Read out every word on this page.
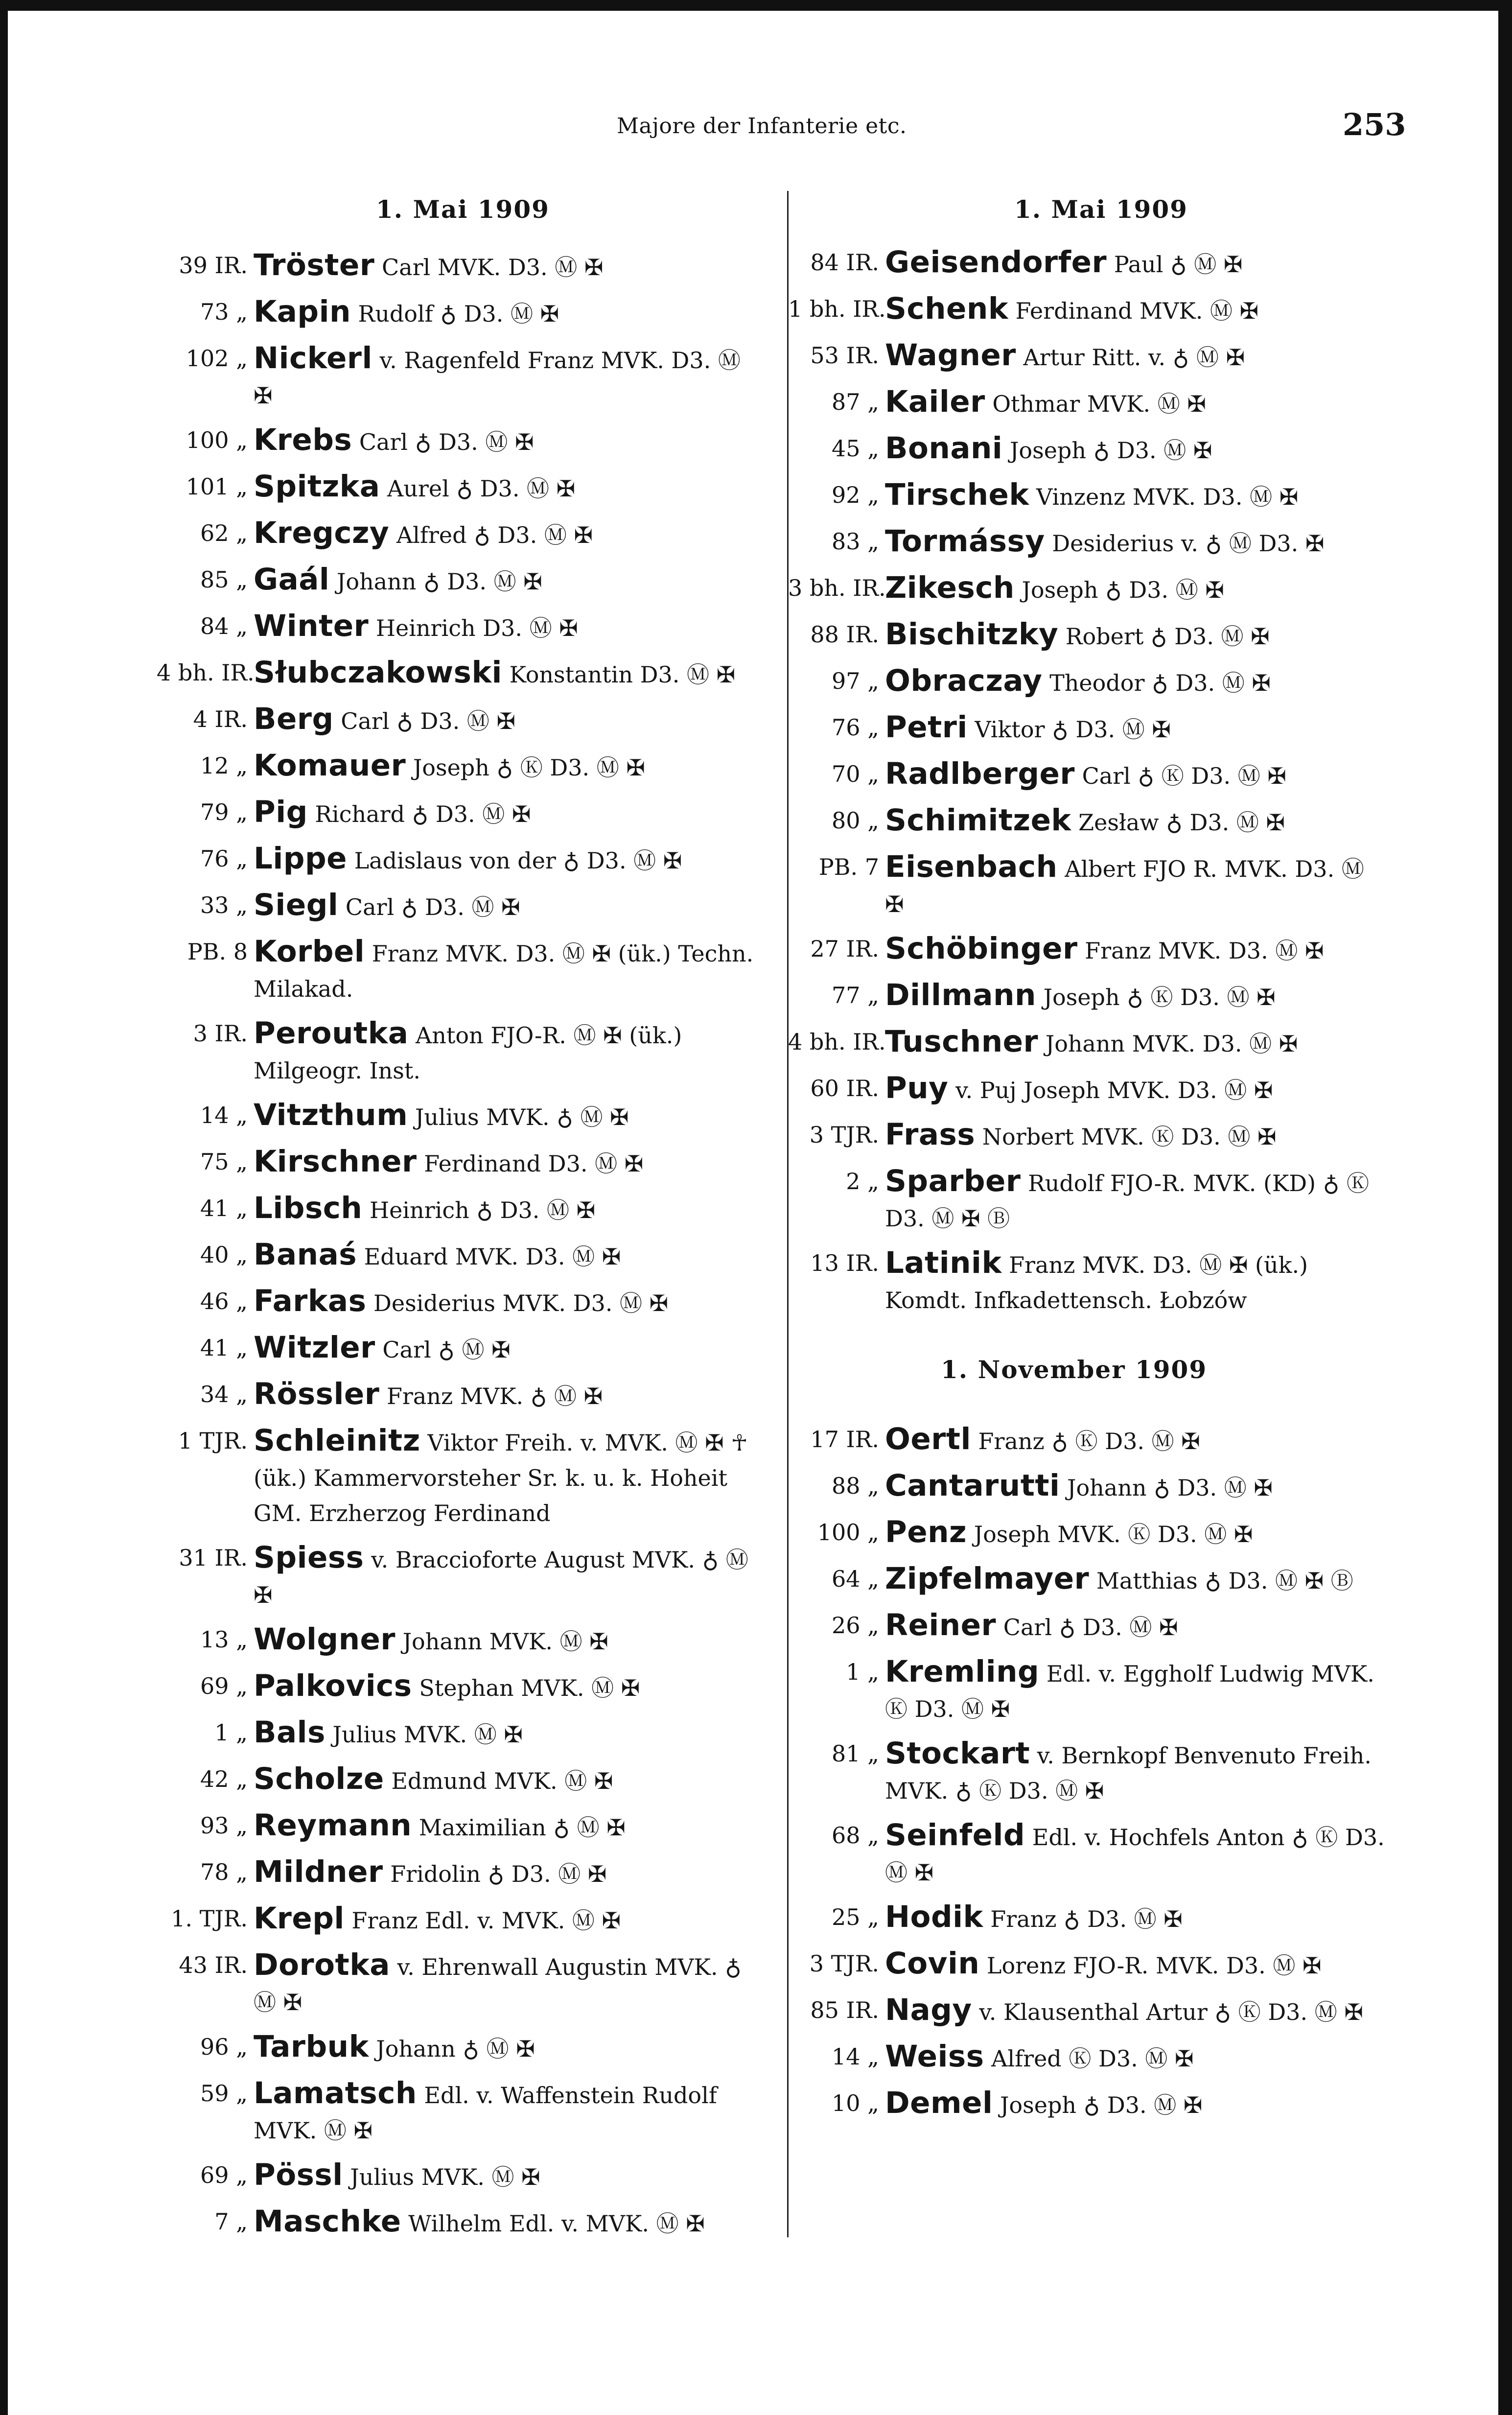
Majore der Infanterie etc.	253
1. Mai 1909	1. Mai 1909
39 IR. Tröster Carl MVK. D3. Ⓜ ✠
73 „ Kapin Rudolf ♁ D3. Ⓜ ✠
102 „ Nickerl v. Ragenfeld Franz MVK. D3. Ⓜ ✠
100 „ Krebs Carl ♁ D3. Ⓜ ✠
101 „ Spitzka Aurel ♁ D3. Ⓜ ✠
62 „ Kregczy Alfred ♁ D3. Ⓜ ✠
85 „ Gaál Johann ♁ D3. Ⓜ ✠
84 „ Winter Heinrich D3. Ⓜ ✠
4 bh. IR.
Słubczakowski Konstantin D3. Ⓜ ✠
4 IR. Berg Carl ♁ D3. Ⓜ ✠
12 „ Komauer Joseph ♁ Ⓚ D3. Ⓜ ✠
79 „ Pig Richard ♁ D3. Ⓜ ✠
76 „ Lippe Ladislaus von der ♁ D3. Ⓜ ✠
33 „ Siegl Carl ♁ D3. Ⓜ ✠
PB. 8 Korbel Franz MVK. D3. Ⓜ ✠ (ük.) Techn. Milakad.
3 IR. Peroutka Anton FJO-R. Ⓜ ✠ (ük.) Milgeogr. Inst.
14 „ Vitzthum Julius MVK. ♁ Ⓜ ✠
75 „ Kirschner Ferdinand D3. Ⓜ ✠
41 „ Libsch Heinrich ♁ D3. Ⓜ ✠
40 „ Banaś Eduard MVK. D3. Ⓜ ✠
46 „ Farkas Desiderius MVK. D3. Ⓜ ✠
41 „ Witzler Carl ♁ Ⓜ ✠
34 „ Rössler Franz MVK. ♁ Ⓜ ✠
1 TJR. Schleinitz Viktor Freih. v. MVK. Ⓜ ✠ ☥ (ük.) Kammervorsteher Sr. k. u. k. Hoheit GM. Erzherzog Ferdinand
31 IR. Spiess v. Braccioforte August MVK. ♁ Ⓜ ✠
13 „ Wolgner Johann MVK. Ⓜ ✠
69 „ Palkovics Stephan MVK. Ⓜ ✠
1 „ Bals Julius MVK. Ⓜ ✠
42 „ Scholze Edmund MVK. Ⓜ ✠
93 „ Reymann Maximilian ♁ Ⓜ ✠
78 „ Mildner Fridolin ♁ D3. Ⓜ ✠
1. TJR. Krepl Franz Edl. v. MVK. Ⓜ ✠
43 IR. Dorotka v. Ehrenwall Augustin MVK. ♁ Ⓜ ✠
96 „ Tarbuk Johann ♁ Ⓜ ✠
59 „ Lamatsch Edl. v. Waffenstein Rudolf MVK. Ⓜ ✠
69 „ Pössl Julius MVK. Ⓜ ✠
7 „ Maschke Wilhelm Edl. v. MVK. Ⓜ ✠
84 IR. Geisendorfer Paul ♁ Ⓜ ✠
1 bh. IR.
Schenk Ferdinand MVK. Ⓜ ✠
53 IR. Wagner Artur Ritt. v. ♁ Ⓜ ✠
87 „ Kailer Othmar MVK. Ⓜ ✠
45 „ Bonani Joseph ♁ D3. Ⓜ ✠
92 „ Tirschek Vinzenz MVK. D3. Ⓜ ✠
83 „ Tormássy Desiderius v. ♁ Ⓜ D3. ✠
3 bh. IR.
Zikesch Joseph ♁ D3. Ⓜ ✠
88 IR. Bischitzky Robert ♁ D3. Ⓜ ✠
97 „ Obraczay Theodor ♁ D3. Ⓜ ✠
76 „ Petri Viktor ♁ D3. Ⓜ ✠
70 „ Radlberger Carl ♁ Ⓚ D3. Ⓜ ✠
80 „ Schimitzek Zesław ♁ D3. Ⓜ ✠
PB. 7 Eisenbach Albert FJO R. MVK. D3. Ⓜ ✠
27 IR. Schöbinger Franz MVK. D3. Ⓜ ✠
77 „ Dillmann Joseph ♁ Ⓚ D3. Ⓜ ✠
4 bh. IR.
Tuschner Johann MVK. D3. Ⓜ ✠
60 IR. Puy v. Puj Joseph MVK. D3. Ⓜ ✠
3 TJR. Frass Norbert MVK. Ⓚ D3. Ⓜ ✠
2 „ Sparber Rudolf FJO-R. MVK. (KD) ♁ Ⓚ D3. Ⓜ ✠ Ⓑ
13 IR. Latinik Franz MVK. D3. Ⓜ ✠ (ük.) Komdt. Infkadettensch. Łobzów
1. November 1909
17 IR. Oertl Franz ♁ Ⓚ D3. Ⓜ ✠
88 „ Cantarutti Johann ♁ D3. Ⓜ ✠
100 „ Penz Joseph MVK. Ⓚ D3. Ⓜ ✠
64 „ Zipfelmayer Matthias ♁ D3. Ⓜ ✠ Ⓑ
26 „ Reiner Carl ♁ D3. Ⓜ ✠
1 „ Kremling Edl. v. Eggholf Ludwig MVK. Ⓚ D3. Ⓜ ✠
81 „ Stockart v. Bernkopf Benvenuto Freih. MVK. ♁ Ⓚ D3. Ⓜ ✠
68 „ Seinfeld Edl. v. Hochfels Anton ♁ Ⓚ D3. Ⓜ ✠
25 „ Hodik Franz ♁ D3. Ⓜ ✠
3 TJR. Covin Lorenz FJO-R. MVK. D3. Ⓜ ✠
85 IR. Nagy v. Klausenthal Artur ♁ Ⓚ D3. Ⓜ ✠
14 „ Weiss Alfred Ⓚ D3. Ⓜ ✠
10 „ Demel Joseph ♁ D3. Ⓜ ✠
